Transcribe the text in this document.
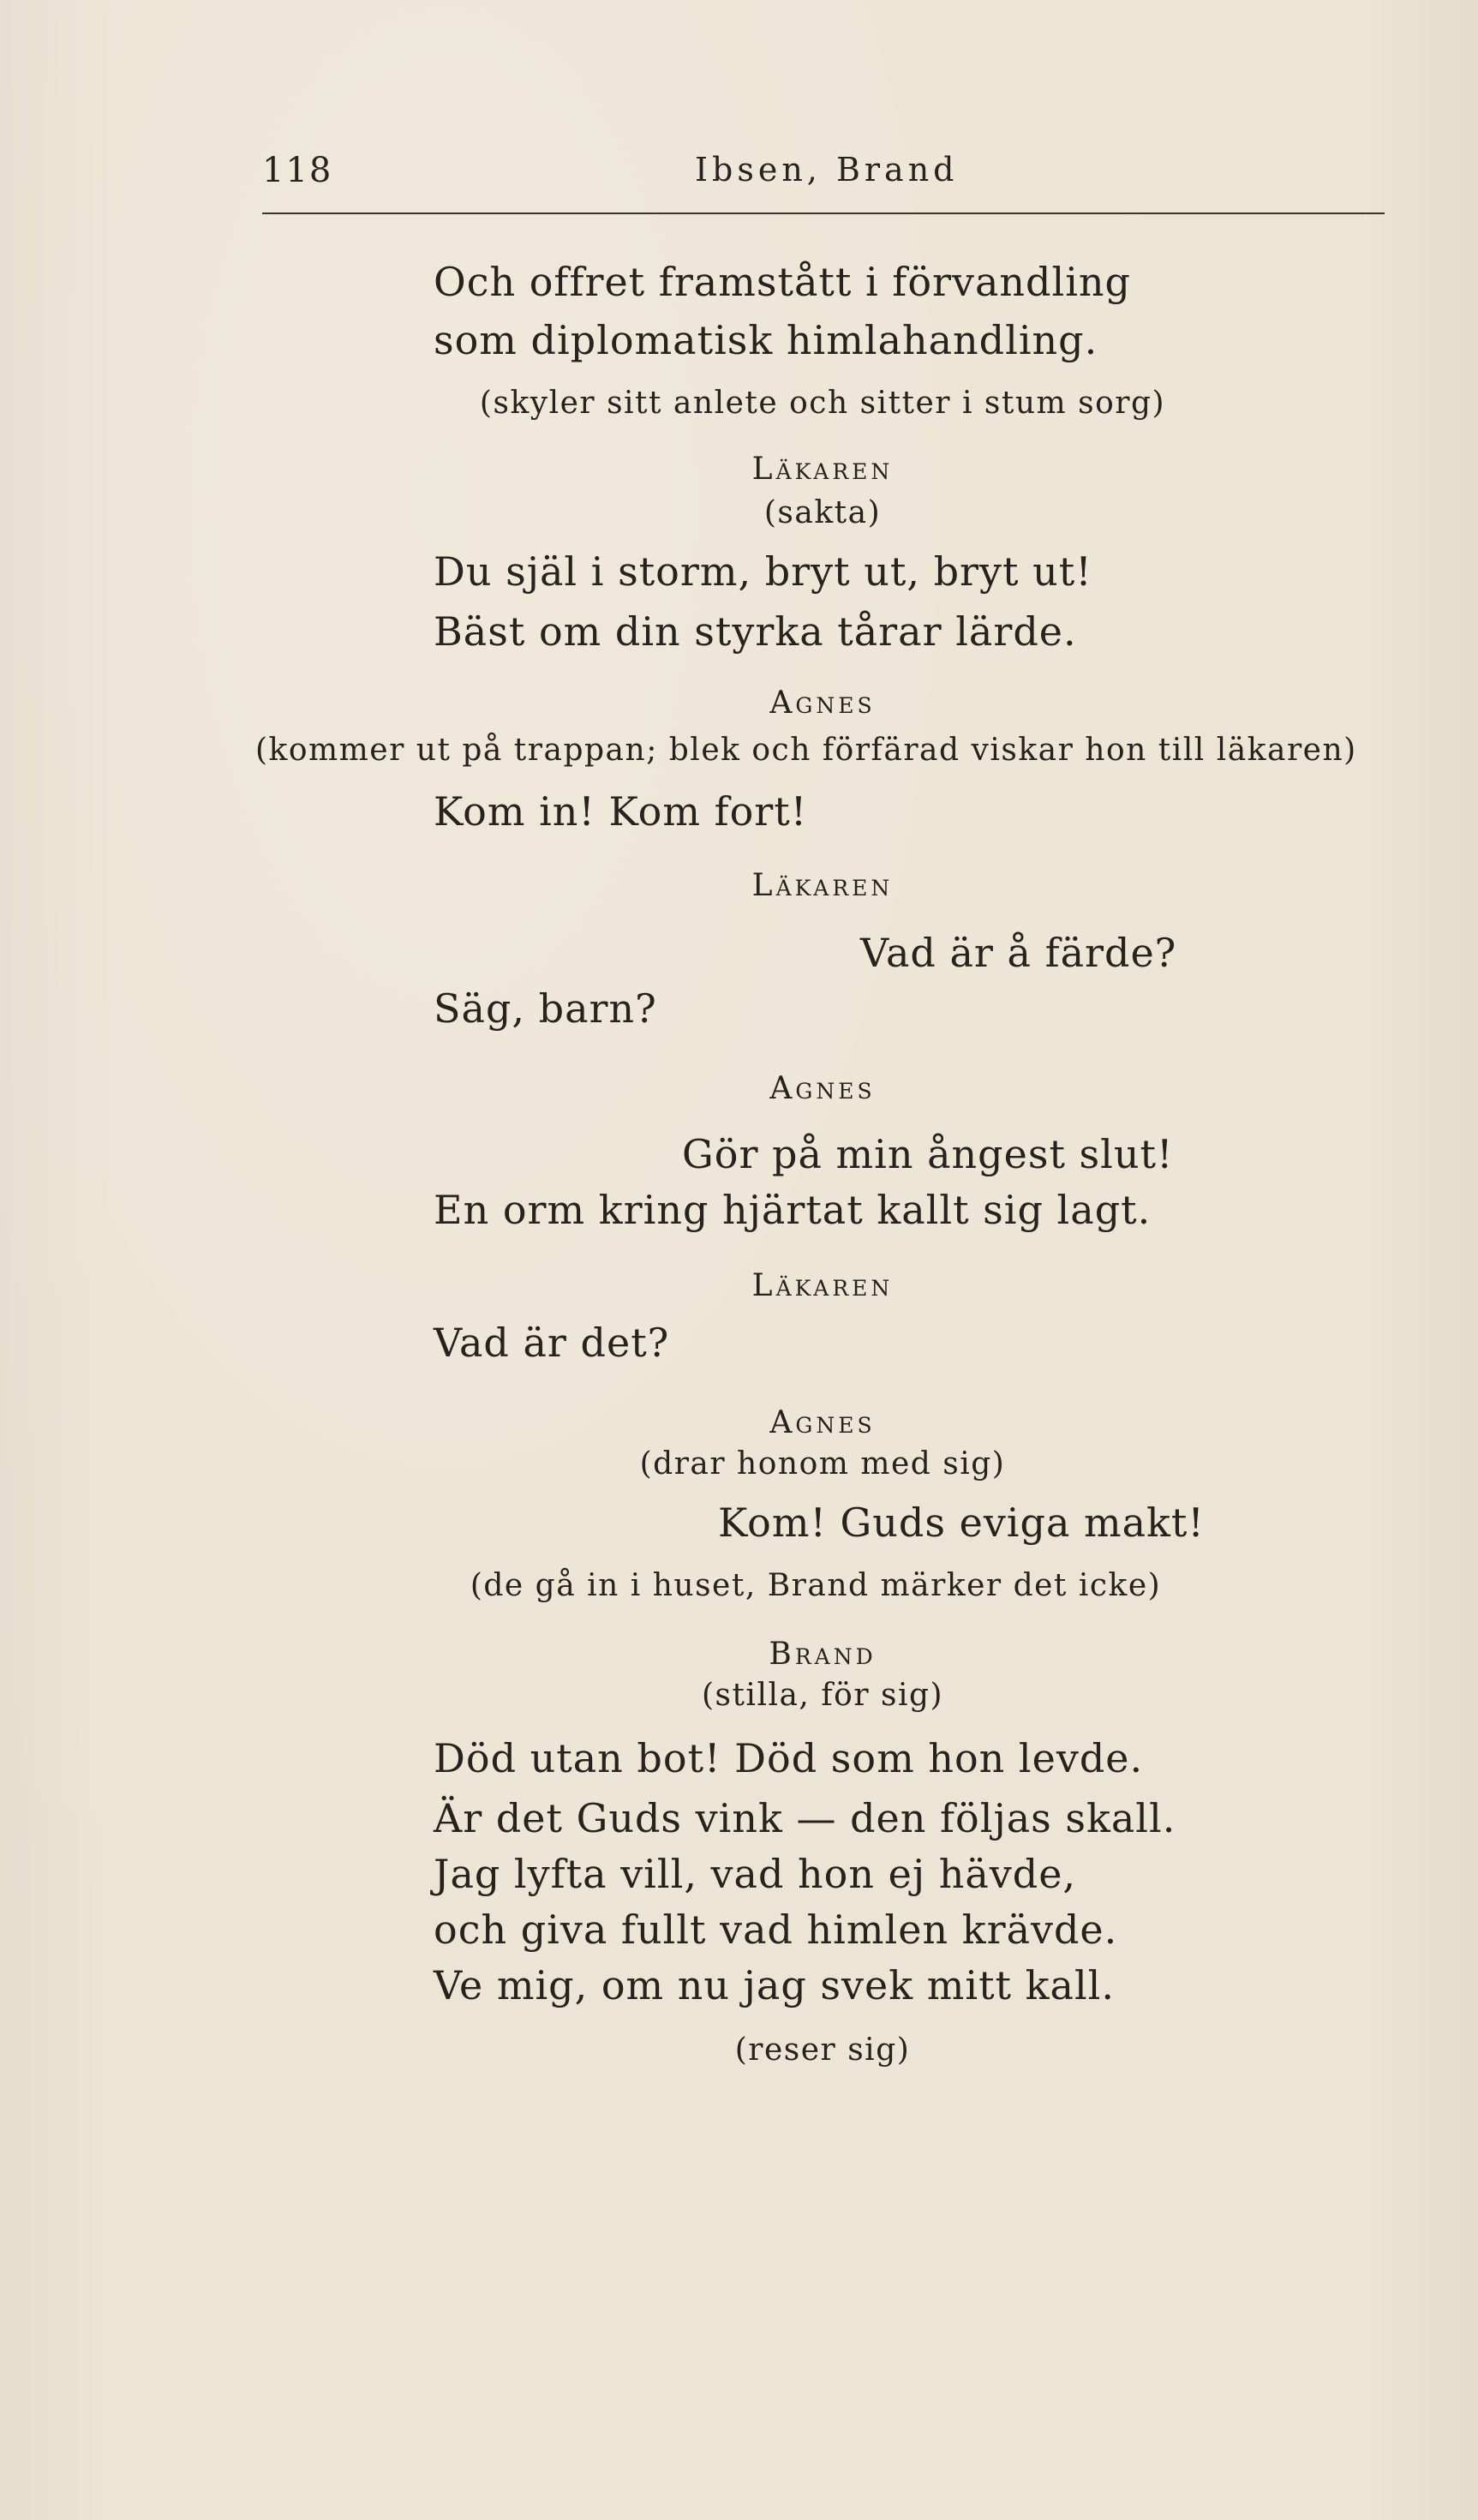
118	Ibsen, Brand
Och offret framstått i förvandling
som diplomatisk himlahandling.
(skyler sitt anlete och sitter i stum sorg)
Läkaren
(sakta)
Du själ i storm, bryt ut, bryt ut!
Bäst om din styrka tårar lärde.
Agnes
(kommer ut på trappan; blek och förfärad viskar hon till läkaren)
Kom in! Kom fort!
Läkaren
Vad är å färde?
Säg, barn?
Agnes
Gör på min ångest slut!
En orm kring hjärtat kallt sig lagt.
Läkaren
Vad är det?
Agnes
(drar honom med sig)
Kom! Guds eviga makt!
(de gå in i huset, Brand märker det icke)
Brand
(stilla, för sig)
Död utan bot! Död som hon levde.
Är det Guds vink — den följas skall.
Jag lyfta vill, vad hon ej hävde,
och giva fullt vad himlen krävde.
Ve mig, om nu jag svek mitt kall.
(reser sig)
